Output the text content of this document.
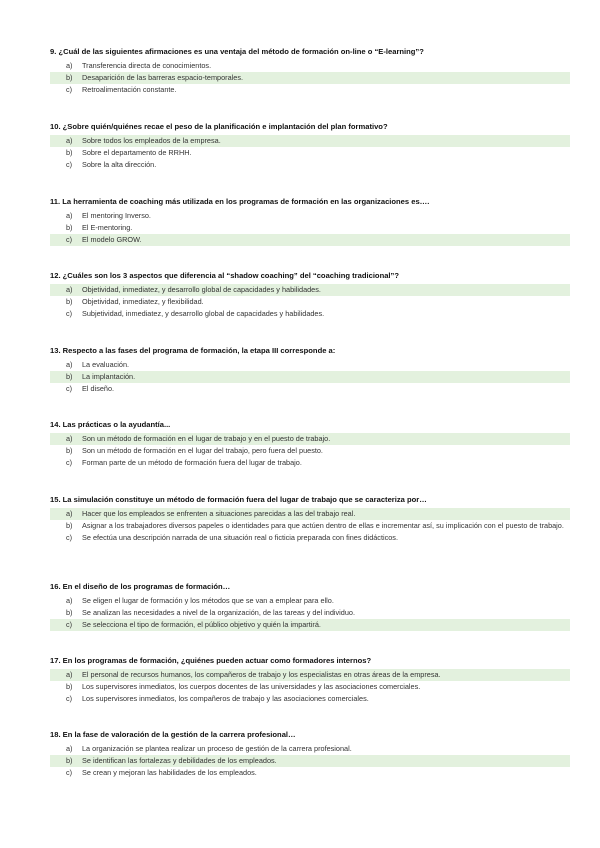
9. ¿Cuál de las siguientes afirmaciones es una ventaja del método de formación on-line o “E-learning”?
a)	Transferencia directa de conocimientos.
b)	Desaparición de las barreras espacio-temporales.
c)	Retroalimentación constante.
10. ¿Sobre quién/quiénes recae el peso de la planificación e implantación del plan formativo?
a)	Sobre todos los empleados de la empresa.
b)	Sobre el departamento de RRHH.
c)	Sobre la alta dirección.
11. La herramienta de coaching más utilizada en los programas de formación en las organizaciones es….
a)	El mentoring Inverso.
b)	El E-mentoring.
c)	El modelo GROW.
12. ¿Cuáles son los 3 aspectos que diferencia al “shadow coaching” del “coaching tradicional”?
a)	Objetividad, inmediatez, y desarrollo global de capacidades y habilidades.
b)	Objetividad, inmediatez, y flexibilidad.
c)	Subjetividad, inmediatez, y desarrollo global de capacidades y habilidades.
13. Respecto a las fases del programa de formación, la etapa III corresponde a:
a)	La evaluación.
b)	La implantación.
c)	El diseño.
14. Las prácticas o la ayudantía...
a)	Son un método de formación en el lugar de trabajo y en el puesto de trabajo.
b)	Son un método de formación en el lugar del trabajo, pero fuera del puesto.
c)	Forman parte de un método de formación fuera del lugar de trabajo.
15. La simulación constituye un método de formación fuera del lugar de trabajo que se caracteriza por…
a)	Hacer que los empleados se enfrenten a situaciones parecidas a las del trabajo real.
b)	Asignar a los trabajadores diversos papeles o identidades para que actúen dentro de ellas e incrementar así, su implicación con el puesto de trabajo.
c)	Se efectúa una descripción narrada de una situación real o ficticia preparada con fines didácticos.
16. En el diseño de los programas de formación…
a)	Se eligen el lugar de formación y los métodos que se van a emplear para ello.
b)	Se analizan las necesidades a nivel de la organización, de las tareas y del individuo.
c)	Se selecciona el tipo de formación, el público objetivo y quién la impartirá.
17. En los programas de formación, ¿quiénes pueden actuar como formadores internos?
a)	El personal de recursos humanos, los compañeros de trabajo y los especialistas en otras áreas de la empresa.
b)	Los supervisores inmediatos, los cuerpos docentes de las universidades y las asociaciones comerciales.
c)	Los supervisores inmediatos, los compañeros de trabajo y las asociaciones comerciales.
18. En la fase de valoración de la gestión de la carrera profesional…
a)	La organización se plantea realizar un proceso de gestión de la carrera profesional.
b)	Se identifican las fortalezas y debilidades de los empleados.
c)	Se crean y mejoran las habilidades de los empleados.
